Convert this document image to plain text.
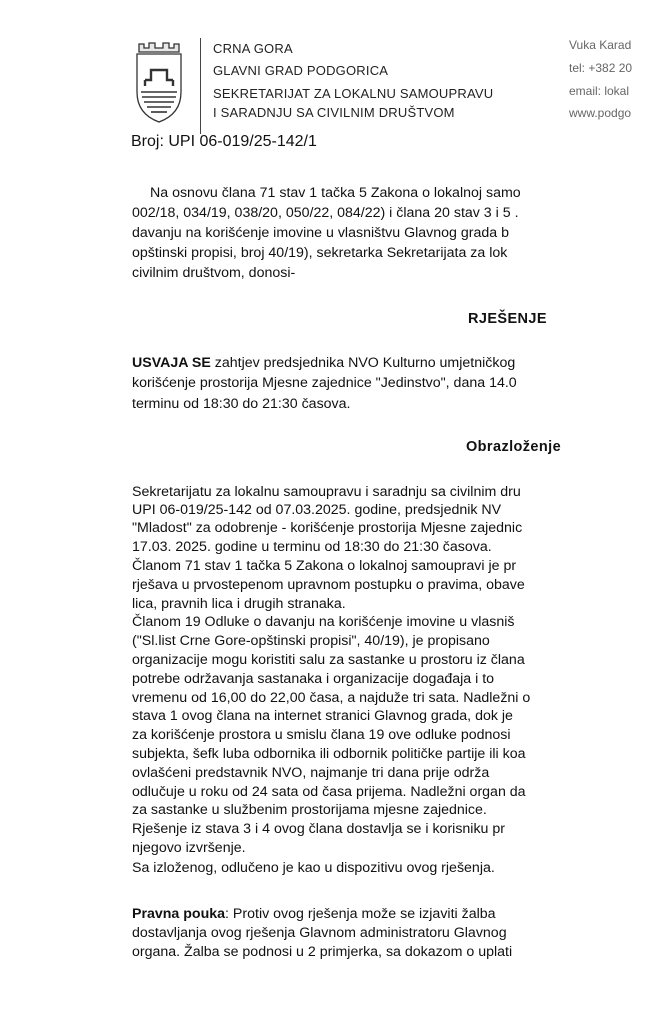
CRNA GORA
GLAVNI GRAD PODGORICA
SEKRETARIJAT ZA LOKALNU SAMOUPRAVU
I SARADNJU SA CIVILNIM DRUŠTVOM
Vuka Karad
tel: +382 20
email: lokal
www.podgo
Broj: UPI 06-019/25-142/1
Na osnovu člana 71 stav 1 tačka 5 Zakona o lokalnoj samo
002/18, 034/19, 038/20, 050/22, 084/22) i člana 20 stav 3 i 5 .
davanju na korišćenje imovine u vlasništvu Glavnog grada b
opštinski propisi, broj 40/19), sekretarka Sekretarijata za lok
civilnim društvom, donosi-
RJEŠENJE
USVAJA SE zahtjev predsjednika NVO Kulturno umjetničkog
korišćenje prostorija Mjesne zajednice "Jedinstvo", dana 14.0
terminu od 18:30 do 21:30 časova.
Obrazloženje
Sekretarijatu za lokalnu samoupravu i saradnju sa civilnim dru
UPI 06-019/25-142 od 07.03.2025. godine, predsjednik NV
"Mladost" za odobrenje - korišćenje prostorija Mjesne zajednic
17.03. 2025. godine u terminu od 18:30 do 21:30 časova.
Članom 71 stav 1 tačka 5 Zakona o lokalnoj samoupravi je pr
rješava u prvostepenom upravnom postupku o pravima, obave
lica, pravnih lica i drugih stranaka.
Članom 19 Odluke o davanju na korišćenje imovine u vlasniš
("Sl.list Crne Gore-opštinski propisi", 40/19), je propisano
organizacije mogu koristiti salu za sastanke u prostoru iz člana
potrebe održavanja sastanaka i organizacije događaja i to
vremenu od 16,00 do 22,00 časa, a najduže tri sata. Nadležni o
stava 1 ovog člana na internet stranici Glavnog grada, dok je
za korišćenje prostora u smislu člana 19 ove odluke podnosi
subjekta, šefk luba odbornika ili odbornik političke partije ili koa
ovlašćeni predstavnik NVO, najmanje tri dana prije održa
odlučuje u roku od 24 sata od časa prijema. Nadležni organ da
za sastanke u službenim prostorijama mjesne zajednice.
Rješenje iz stava 3 i 4 ovog člana dostavlja se i korisniku pr
njegovo izvršenje.
Sa izloženog, odlučeno je kao u dispozitivu ovog rješenja.
Pravna pouka: Protiv ovog rješenja može se izjaviti žalba
dostavljanja ovog rješenja Glavnom administratoru Glavnog
organa. Žalba se podnosi u 2 primjerka, sa dokazom o uplati
